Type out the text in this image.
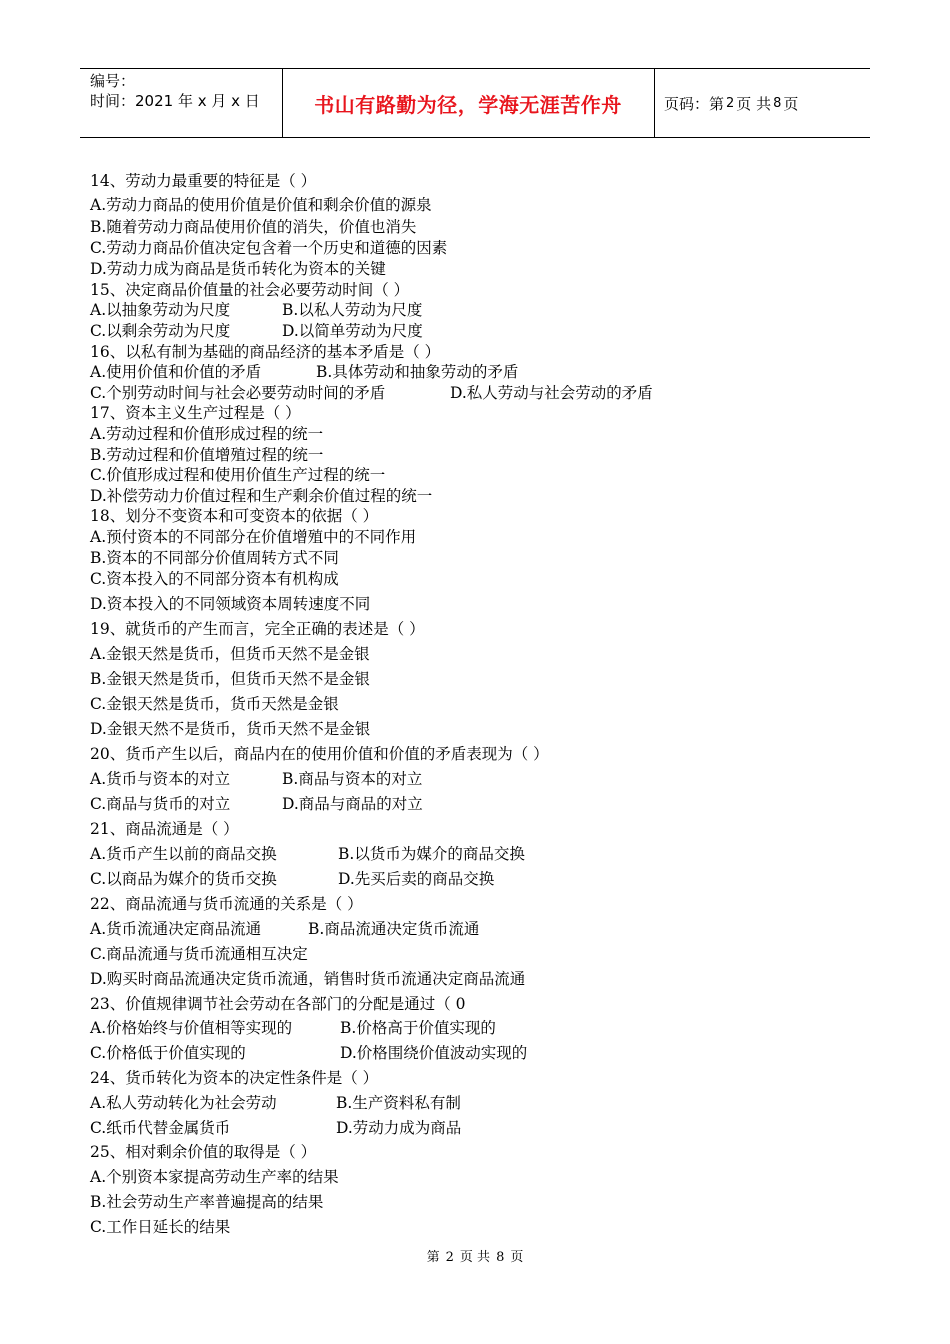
编号：
时间：2021 年 x 月 x 日	书山有路勤为径，学海无涯苦作舟	页码：第 2 页 共 8 页
14、劳动力最重要的特征是（ ）
A.劳动力商品的使用价值是价值和剩余价值的源泉
B.随着劳动力商品使用价值的消失，价值也消失
C.劳动力商品价值决定包含着一个历史和道德的因素
D.劳动力成为商品是货币转化为资本的关键
15、决定商品价值量的社会必要劳动时间（ ）
A.以抽象劳动为尺度	B.以私人劳动为尺度
C.以剩余劳动为尺度	D.以简单劳动为尺度
16、以私有制为基础的商品经济的基本矛盾是（ ）
A.使用价值和价值的矛盾	B.具体劳动和抽象劳动的矛盾
C.个别劳动时间与社会必要劳动时间的矛盾	D.私人劳动与社会劳动的矛盾
17、资本主义生产过程是（ ）
A.劳动过程和价值形成过程的统一
B.劳动过程和价值增殖过程的统一
C.价值形成过程和使用价值生产过程的统一
D.补偿劳动力价值过程和生产剩余价值过程的统一
18、划分不变资本和可变资本的依据（ ）
A.预付资本的不同部分在价值增殖中的不同作用
B.资本的不同部分价值周转方式不同
C.资本投入的不同部分资本有机构成
D.资本投入的不同领域资本周转速度不同
19、就货币的产生而言，完全正确的表述是（ ）
A.金银天然是货币，但货币天然不是金银
B.金银天然是货币，但货币天然不是金银
C.金银天然是货币，货币天然是金银
D.金银天然不是货币，货币天然不是金银
20、货币产生以后，商品内在的使用价值和价值的矛盾表现为（ ）
A.货币与资本的对立	B.商品与资本的对立
C.商品与货币的对立	D.商品与商品的对立
21、商品流通是（ ）
A.货币产生以前的商品交换	B.以货币为媒介的商品交换
C.以商品为媒介的货币交换	D.先买后卖的商品交换
22、商品流通与货币流通的关系是（ ）
A.货币流通决定商品流通	B.商品流通决定货币流通
C.商品流通与货币流通相互决定
D.购买时商品流通决定货币流通，销售时货币流通决定商品流通
23、价值规律调节社会劳动在各部门的分配是通过（ 0
A.价格始终与价值相等实现的	B.价格高于价值实现的
C.价格低于价值实现的	D.价格围绕价值波动实现的
24、货币转化为资本的决定性条件是（ ）
A.私人劳动转化为社会劳动	B.生产资料私有制
C.纸币代替金属货币	D.劳动力成为商品
25、相对剩余价值的取得是（ ）
A.个别资本家提高劳动生产率的结果
B.社会劳动生产率普遍提高的结果
C.工作日延长的结果
第 2 页 共 8 页
